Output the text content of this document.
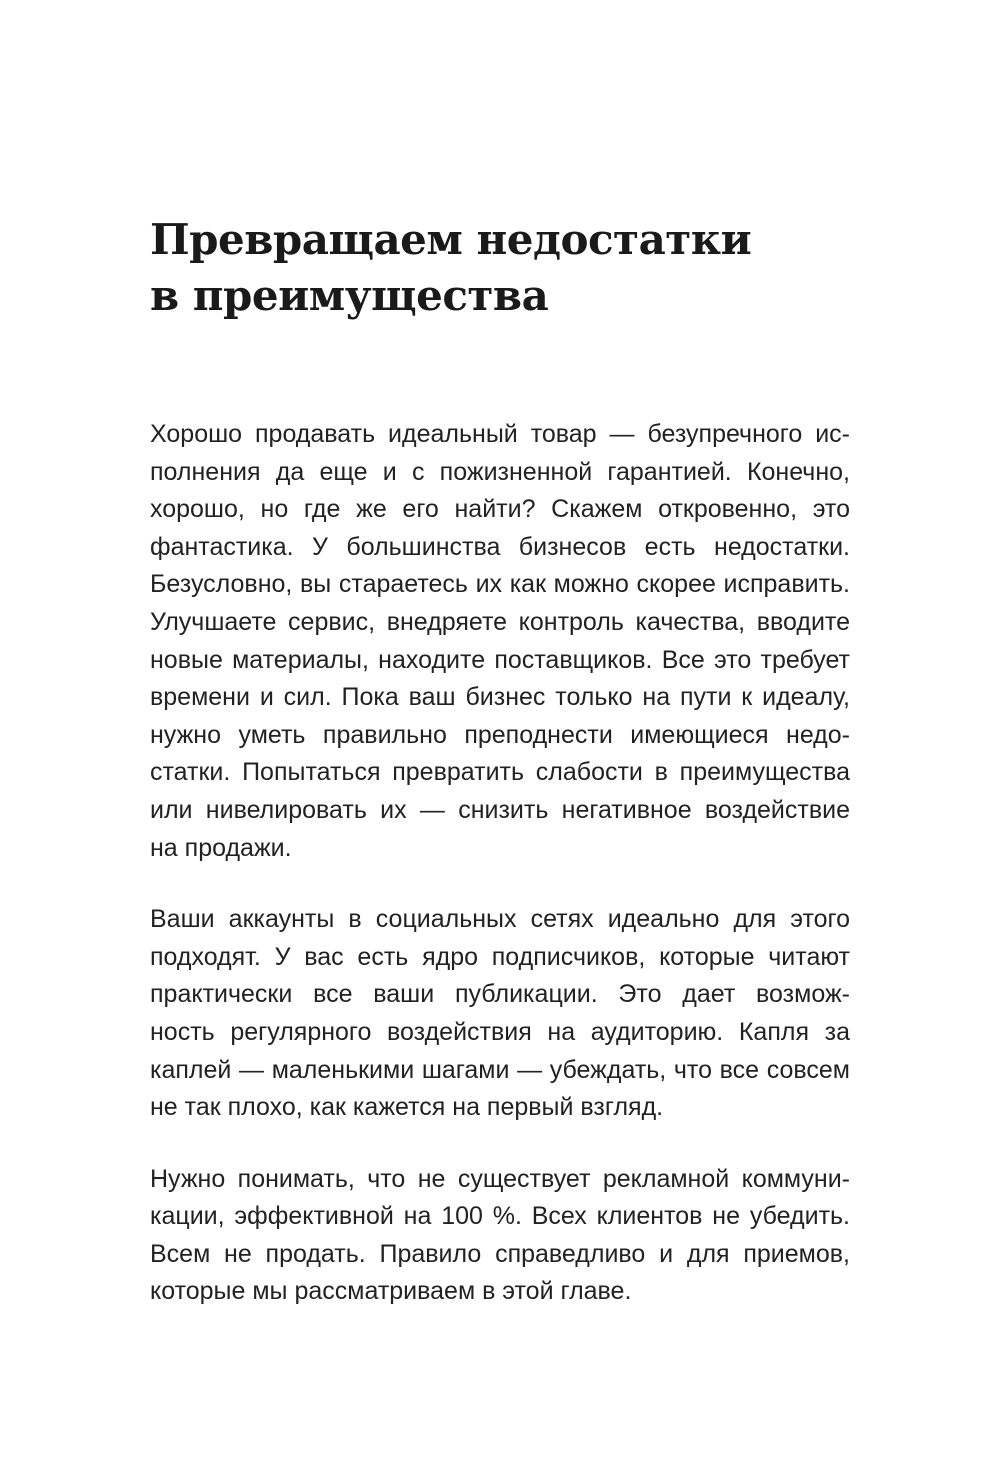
Превращаем недостатки
в преимущества

Хорошо продавать идеальный товар — безупречного ис-
полнения да еще и с пожизненной гарантией. Конечно,
хорошо, но где же его найти? Скажем откровенно, это
фантастика. У большинства бизнесов есть недостатки.
Безусловно, вы стараетесь их как можно скорее исправить.
Улучшаете сервис, внедряете контроль качества, вводите
новые материалы, находите поставщиков. Все это требует
времени и сил. Пока ваш бизнес только на пути к идеалу,
нужно уметь правильно преподнести имеющиеся недо-
статки. Попытаться превратить слабости в преимущества
или нивелировать их — снизить негативное воздействие
на продажи.

Ваши аккаунты в социальных сетях идеально для этого
подходят. У вас есть ядро подписчиков, которые читают
практически все ваши публикации. Это дает возмож-
ность регулярного воздействия на аудиторию. Капля за
каплей — маленькими шагами — убеждать, что все совсем
не так плохо, как кажется на первый взгляд.

Нужно понимать, что не существует рекламной коммуни-
кации, эффективной на 100 %. Всех клиентов не убедить.
Всем не продать. Правило справедливо и для приемов,
которые мы рассматриваем в этой главе.
